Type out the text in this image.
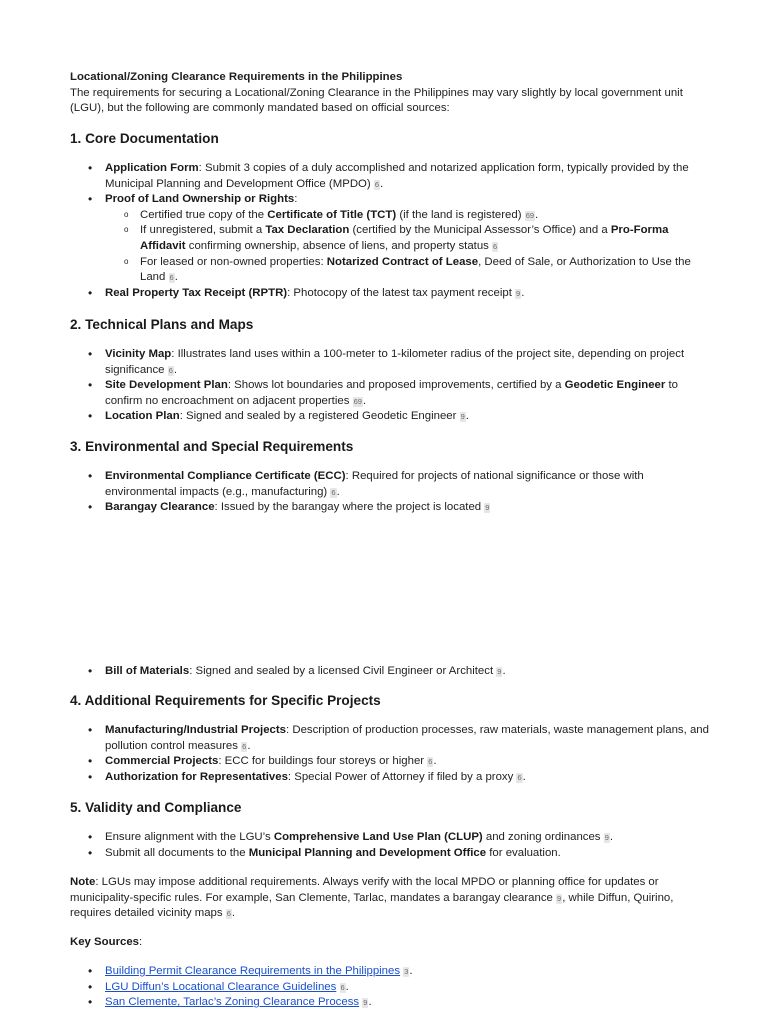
Locational/Zoning Clearance Requirements in the Philippines

The requirements for securing a Locational/Zoning Clearance in the Philippines may vary slightly by local government unit (LGU), but the following are commonly mandated based on official sources:

1. Core Documentation
• Application Form: Submit 3 copies of a duly accomplished and notarized application form, typically provided by the Municipal Planning and Development Office (MPDO) 6.
• Proof of Land Ownership or Rights:
o Certified true copy of the Certificate of Title (TCT) (if the land is registered) 69.
o If unregistered, submit a Tax Declaration (certified by the Municipal Assessor’s Office) and a Pro-Forma Affidavit confirming ownership, absence of liens, and property status 6
o For leased or non-owned properties: Notarized Contract of Lease, Deed of Sale, or Authorization to Use the Land 6.
• Real Property Tax Receipt (RPTR): Photocopy of the latest tax payment receipt 9.
2. Technical Plans and Maps
• Vicinity Map: Illustrates land uses within a 100-meter to 1-kilometer radius of the project site, depending on project significance 6.
• Site Development Plan: Shows lot boundaries and proposed improvements, certified by a Geodetic Engineer to confirm no encroachment on adjacent properties 69.
• Location Plan: Signed and sealed by a registered Geodetic Engineer 9.
3. Environmental and Special Requirements
• Environmental Compliance Certificate (ECC): Required for projects of national significance or those with environmental impacts (e.g., manufacturing) 6.
• Barangay Clearance: Issued by the barangay where the project is located 9
• Bill of Materials: Signed and sealed by a licensed Civil Engineer or Architect 9.
4. Additional Requirements for Specific Projects
• Manufacturing/Industrial Projects: Description of production processes, raw materials, waste management plans, and pollution control measures 6.
• Commercial Projects: ECC for buildings four storeys or higher 6.
• Authorization for Representatives: Special Power of Attorney if filed by a proxy 6.
5. Validity and Compliance
• Ensure alignment with the LGU’s Comprehensive Land Use Plan (CLUP) and zoning ordinances 9.
• Submit all documents to the Municipal Planning and Development Office for evaluation.

Note: LGUs may impose additional requirements. Always verify with the local MPDO or planning office for updates or municipality-specific rules. For example, San Clemente, Tarlac, mandates a barangay clearance 9, while Diffun, Quirino, requires detailed vicinity maps 6.

Key Sources:
• Building Permit Clearance Requirements in the Philippines 3.
• LGU Diffun’s Locational Clearance Guidelines 6.
• San Clemente, Tarlac’s Zoning Clearance Process 9.
